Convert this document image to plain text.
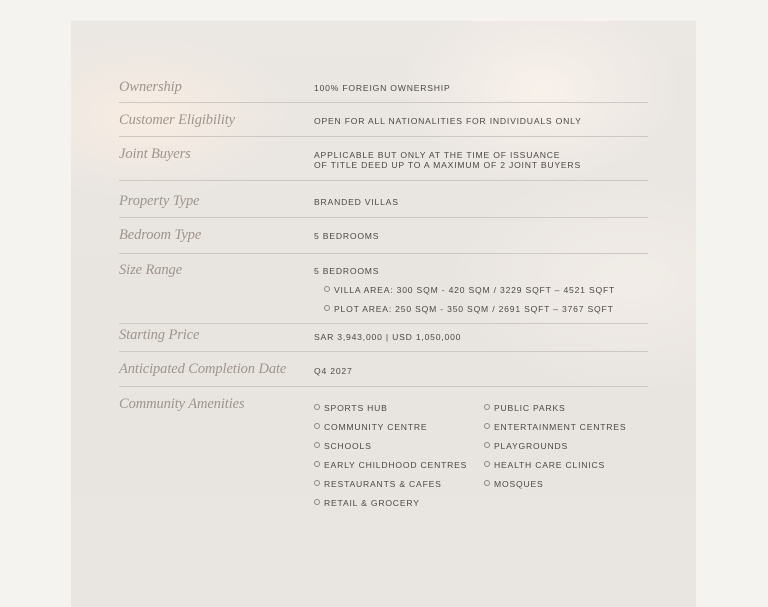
Ownership	100% FOREIGN OWNERSHIP
Customer Eligibility	OPEN FOR ALL NATIONALITIES FOR INDIVIDUALS ONLY
Joint Buyers	APPLICABLE BUT ONLY AT THE TIME OF ISSUANCE
OF TITLE DEED UP TO A MAXIMUM OF 2 JOINT BUYERS
Property Type	BRANDED VILLAS
Bedroom Type	5 BEDROOMS
Size Range	5 BEDROOMS
VILLA AREA: 300 SQM - 420 SQM / 3229 SQFT – 4521 SQFT
PLOT AREA: 250 SQM - 350 SQM / 2691 SQFT – 3767 SQFT
Starting Price	SAR 3,943,000 | USD 1,050,000
Anticipated Completion Date	Q4 2027
Community Amenities	SPORTS HUB
COMMUNITY CENTRE
SCHOOLS
EARLY CHILDHOOD CENTRES
RESTAURANTS & CAFES
RETAIL & GROCERY
PUBLIC PARKS
ENTERTAINMENT CENTRES
PLAYGROUNDS
HEALTH CARE CLINICS
MOSQUES
